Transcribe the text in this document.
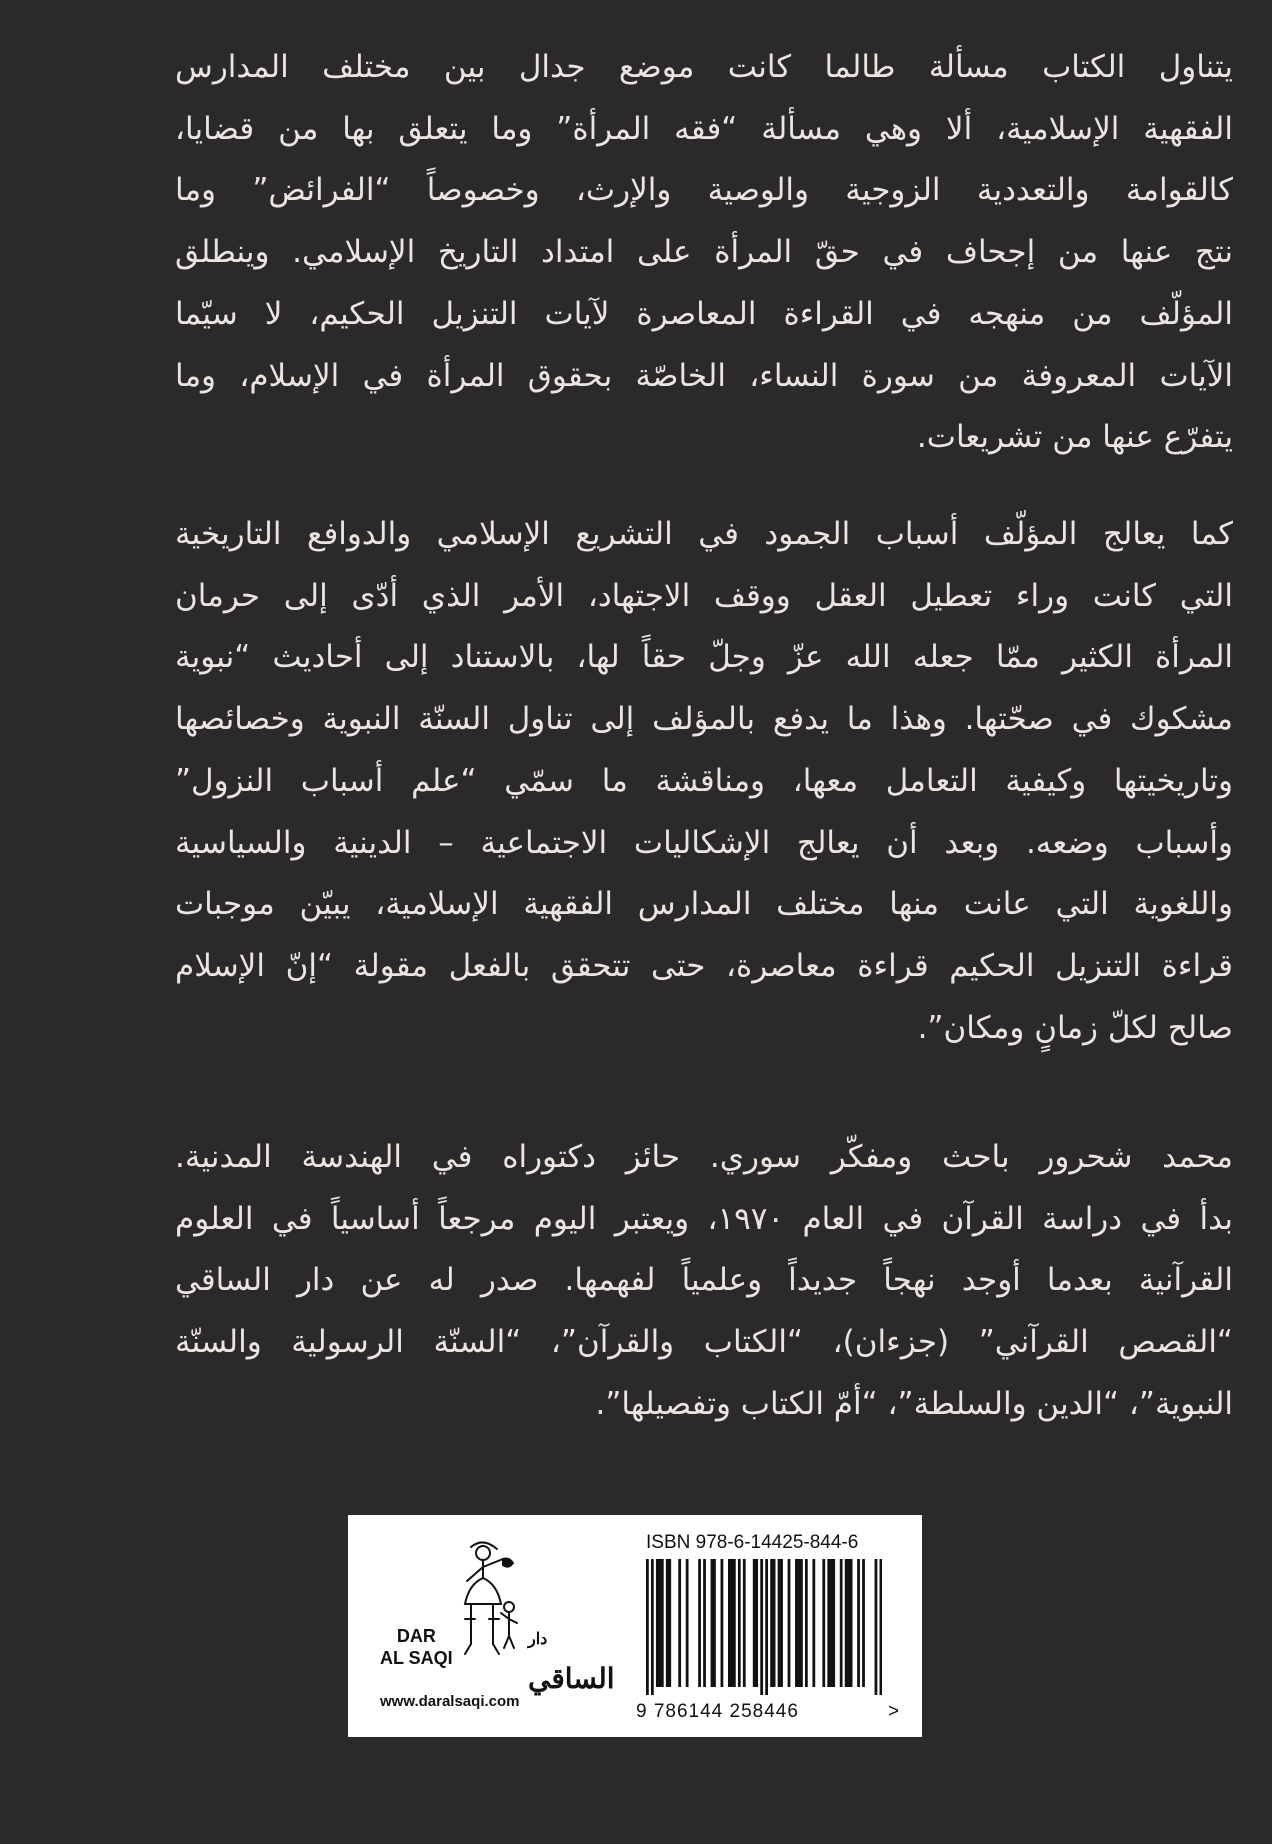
يتناول الكتاب مسألة طالما كانت موضع جدال بين مختلف المدارس
الفقهية الإسلامية، ألا وهي مسألة “فقه المرأة” وما يتعلق بها من قضايا،
كالقوامة والتعددية الزوجية والوصية والإرث، وخصوصاً “الفرائض” وما
نتج عنها من إجحاف في حقّ المرأة على امتداد التاريخ الإسلامي. وينطلق
المؤلّف من منهجه في القراءة المعاصرة لآيات التنزيل الحكيم، لا سيّما
الآيات المعروفة من سورة النساء، الخاصّة بحقوق المرأة في الإسلام، وما
يتفرّع عنها من تشريعات.
كما يعالج المؤلّف أسباب الجمود في التشريع الإسلامي والدوافع التاريخية
التي كانت وراء تعطيل العقل ووقف الاجتهاد، الأمر الذي أدّى إلى حرمان
المرأة الكثير ممّا جعله الله عزّ وجلّ حقاً لها، بالاستناد إلى أحاديث “نبوية
مشكوك في صحّتها. وهذا ما يدفع بالمؤلف إلى تناول السنّة النبوية وخصائصها
وتاريخيتها وكيفية التعامل معها، ومناقشة ما سمّي “علم أسباب النزول”
وأسباب وضعه. وبعد أن يعالج الإشكاليات الاجتماعية – الدينية والسياسية
واللغوية التي عانت منها مختلف المدارس الفقهية الإسلامية، يبيّن موجبات
قراءة التنزيل الحكيم قراءة معاصرة، حتى تتحقق بالفعل مقولة “إنّ الإسلام
صالح لكلّ زمانٍ ومكان”.
محمد شحرور باحث ومفكّر سوري. حائز دكتوراه في الهندسة المدنية.
بدأ في دراسة القرآن في العام ١٩٧٠، ويعتبر اليوم مرجعاً أساسياً في العلوم
القرآنية بعدما أوجد نهجاً جديداً وعلمياً لفهمها. صدر له عن دار الساقي
“القصص القرآني” (جزءان)، “الكتاب والقرآن”، “السنّة الرسولية والسنّة
النبوية”، “الدين والسلطة”، “أمّ الكتاب وتفصيلها”.
DAR
AL SAQI
$^{دار}$ الساقي
www.daralsaqi.com
ISBN 978-6-14425-844-6
9 786144 258446	>
